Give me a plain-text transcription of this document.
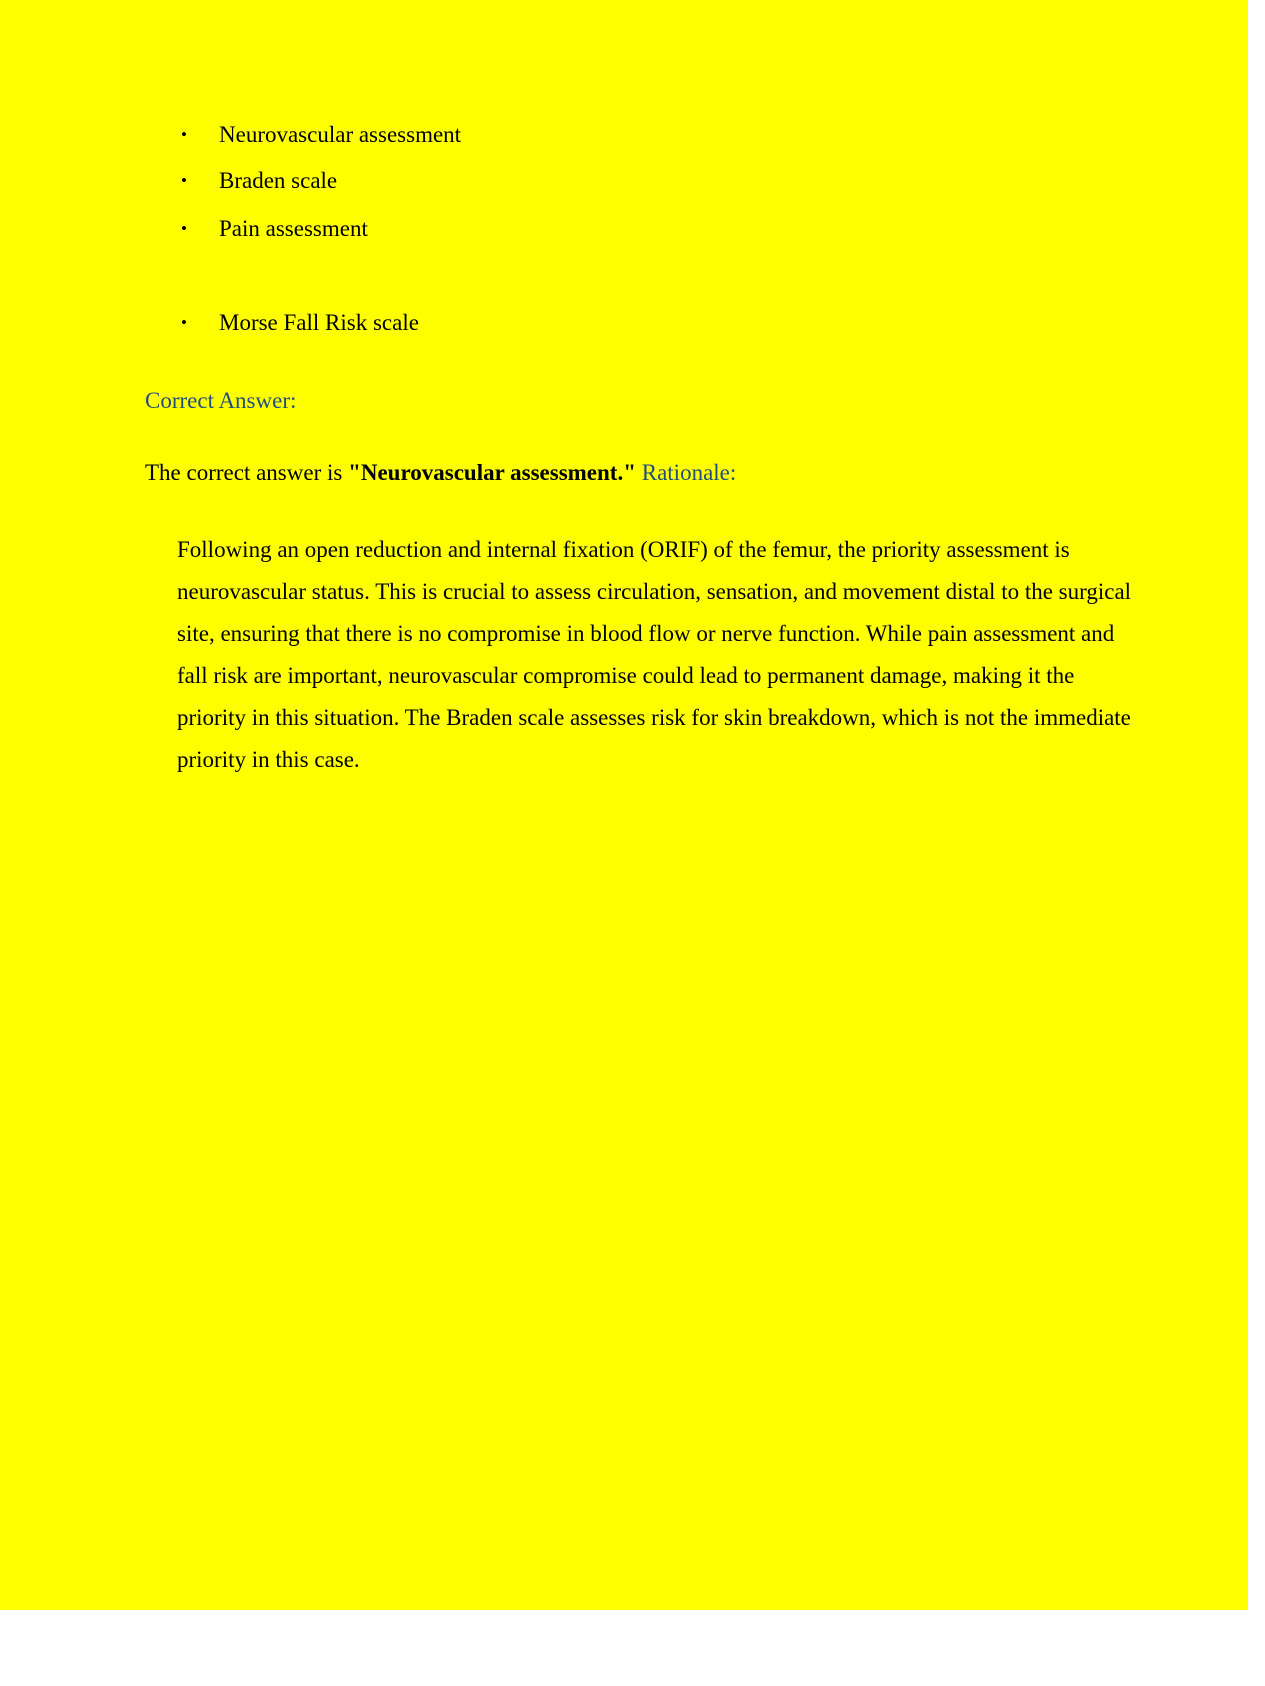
• Neurovascular assessment
• Braden scale
• Pain assessment
• Morse Fall Risk scale
Correct Answer:
The correct answer is "Neurovascular assessment." Rationale:
Following an open reduction and internal fixation (ORIF) of the femur, the priority assessment is neurovascular status. This is crucial to assess circulation, sensation, and movement distal to the surgical site, ensuring that there is no compromise in blood flow or nerve function. While pain assessment and fall risk are important, neurovascular compromise could lead to permanent damage, making it the priority in this situation. The Braden scale assesses risk for skin breakdown, which is not the immediate priority in this case.
